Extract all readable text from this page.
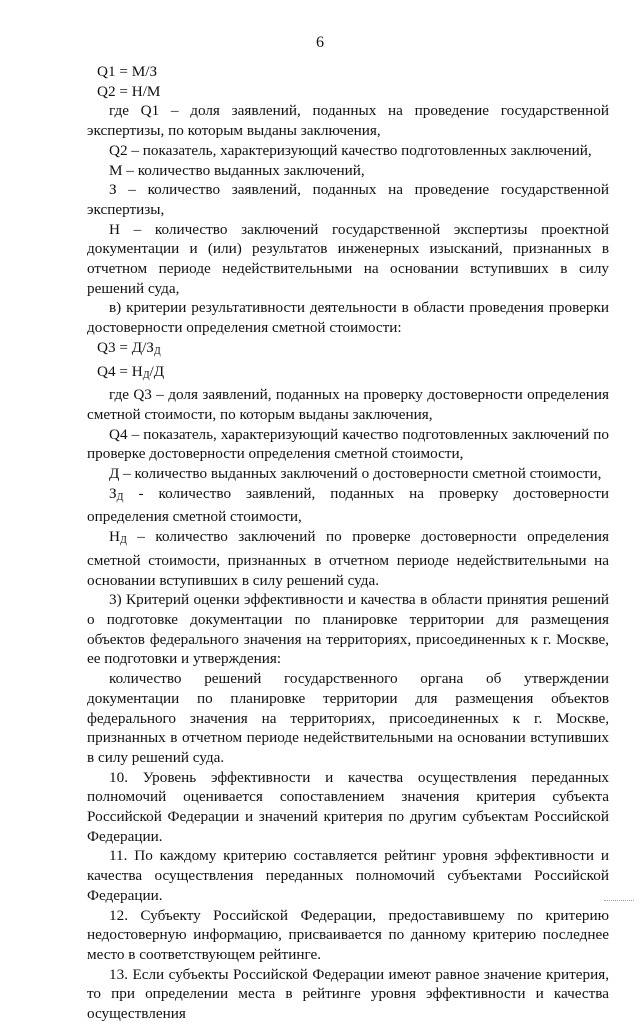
6

Q1 = М/З

Q2 = Н/М

где Q1 – доля заявлений, поданных на проведение государственной экспертизы, по которым выданы заключения,

Q2 – показатель, характеризующий качество подготовленных заключений,

М – количество выданных заключений,

З – количество заявлений, поданных на проведение государственной экспертизы,

Н – количество заключений государственной экспертизы проектной документации и (или) результатов инженерных изысканий, признанных в отчетном периоде недействительными на основании вступивших в силу решений суда,

в) критерии результативности деятельности в области проведения проверки достоверности определения сметной стоимости:

$Q3 = Д/З_Д$

$Q4 = Н_Д/Д$

где Q3 – доля заявлений, поданных на проверку достоверности определения сметной стоимости, по которым выданы заключения,

Q4 – показатель, характеризующий качество подготовленных заключений по проверке достоверности определения сметной стоимости,

Д – количество выданных заключений о достоверности сметной стоимости,

$З_Д$ - количество заявлений, поданных на проверку достоверности определения сметной стоимости,

$Н_Д$ – количество заключений по проверке достоверности определения сметной стоимости, признанных в отчетном периоде недействительными на основании вступивших в силу решений суда.

3) Критерий оценки эффективности и качества в области принятия решений о подготовке документации по планировке территории для размещения объектов федерального значения на территориях, присоединенных к г. Москве, ее подготовки и утверждения:

количество решений государственного органа об утверждении документации по планировке территории для размещения объектов федерального значения на территориях, присоединенных к г. Москве, признанных в отчетном периоде недействительными на основании вступивших в силу решений суда.

10. Уровень эффективности и качества осуществления переданных полномочий оценивается сопоставлением значения критерия субъекта Российской Федерации и значений критерия по другим субъектам Российской Федерации.

11. По каждому критерию составляется рейтинг уровня эффективности и качества осуществления переданных полномочий субъектами Российской Федерации.

12. Субъекту Российской Федерации, предоставившему по критерию недостоверную информацию, присваивается по данному критерию последнее место в соответствующем рейтинге.

13. Если субъекты Российской Федерации имеют равное значение критерия, то при определении места в рейтинге уровня эффективности и качества осуществления
